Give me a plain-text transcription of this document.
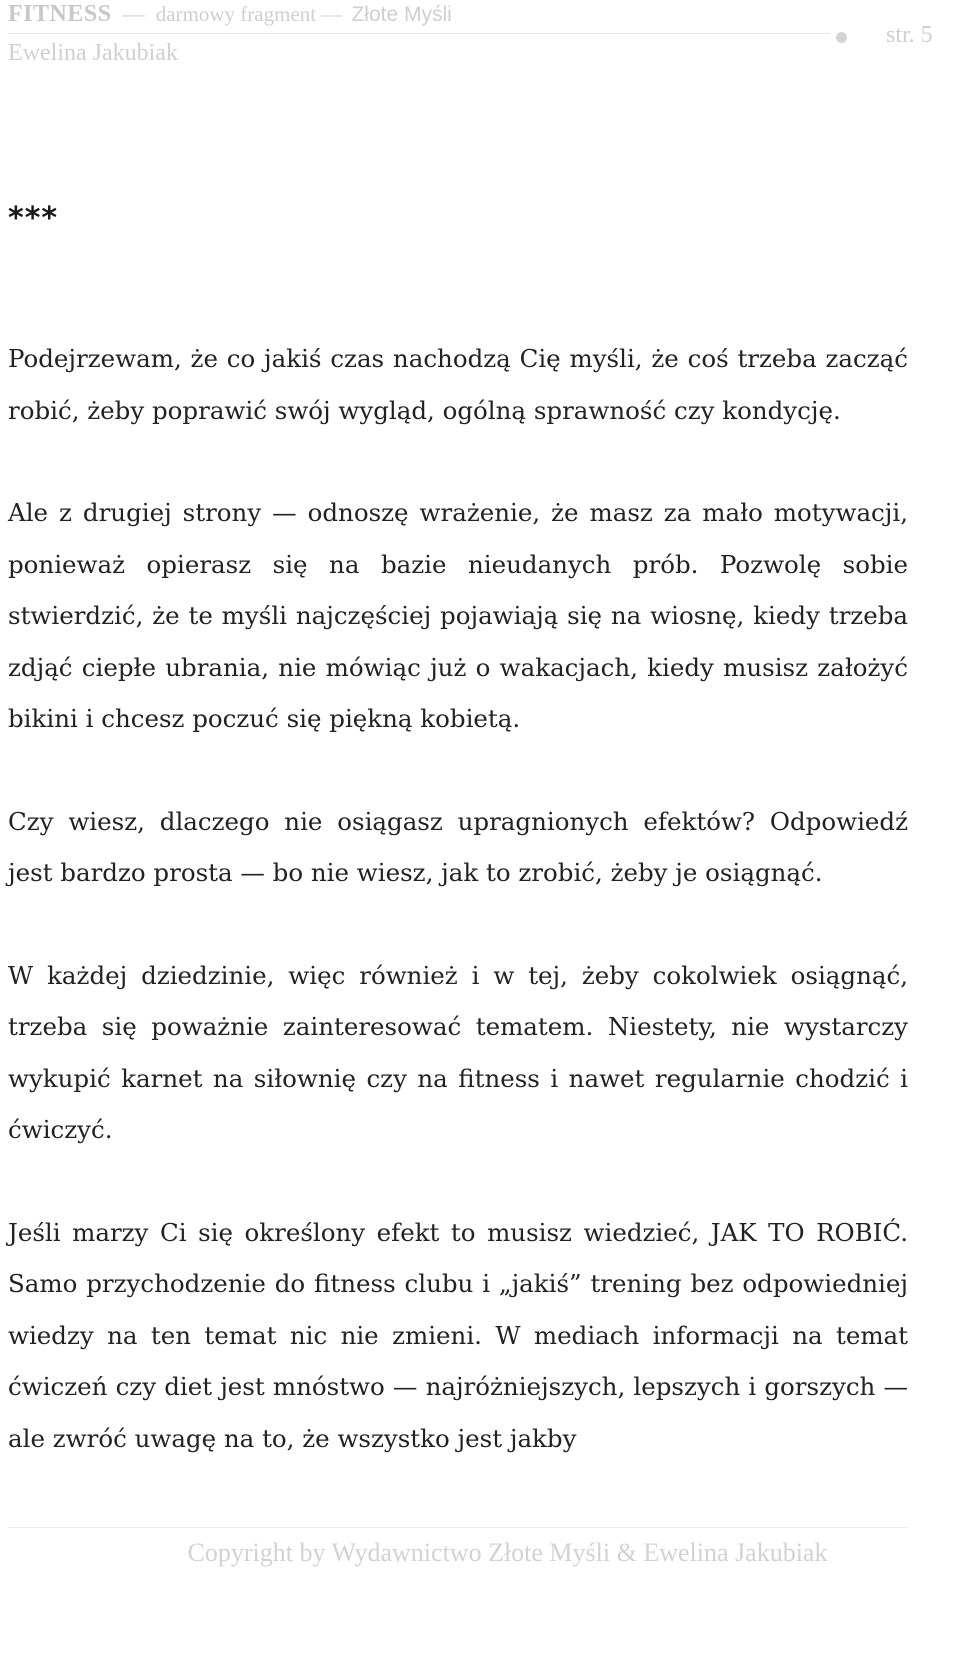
FITNESS — darmowy fragment — Złote Myśli
Ewelina Jakubiak
str. 5
***

Podejrzewam, że co jakiś czas nachodzą Cię myśli, że coś trzeba zacząć robić, żeby poprawić swój wygląd, ogólną sprawność czy kondycję.

Ale z drugiej strony — odnoszę wrażenie, że masz za mało motywacji, ponieważ opierasz się na bazie nieudanych prób. Pozwolę sobie stwierdzić, że te myśli najczęściej pojawiają się na wiosnę, kiedy trzeba zdjąć ciepłe ubrania, nie mówiąc już o wakacjach, kiedy musisz założyć bikini i chcesz poczuć się piękną kobietą.

Czy wiesz, dlaczego nie osiągasz upragnionych efektów? Odpowiedź jest bardzo prosta — bo nie wiesz, jak to zrobić, żeby je osiągnąć.

W każdej dziedzinie, więc również i w tej, żeby cokolwiek osiągnąć, trzeba się poważnie zainteresować tematem. Niestety, nie wystarczy wykupić karnet na siłownię czy na fitness i nawet regularnie chodzić i ćwiczyć.

Jeśli marzy Ci się określony efekt to musisz wiedzieć, JAK TO ROBIĆ. Samo przychodzenie do fitness clubu i „jakiś” trening bez odpowiedniej wiedzy na ten temat nic nie zmieni. W mediach informacji na temat ćwiczeń czy diet jest mnóstwo — najróżniejszych, lepszych i gorszych — ale zwróć uwagę na to, że wszystko jest jakby

Copyright by Wydawnictwo Złote Myśli & Ewelina Jakubiak
